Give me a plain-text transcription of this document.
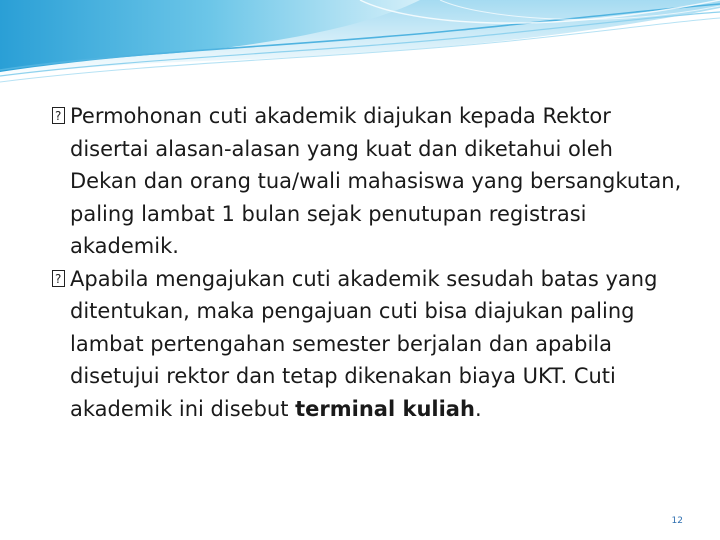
?
Permohonan cuti akademik diajukan kepada Rektor disertai alasan-alasan yang kuat dan diketahui oleh Dekan dan orang tua/wali mahasiswa yang bersangkutan, paling lambat 1 bulan sejak penutupan registrasi akademik.

?
Apabila mengajukan cuti akademik sesudah batas yang ditentukan, maka pengajuan cuti bisa diajukan paling lambat pertengahan semester berjalan dan apabila disetujui rektor dan tetap dikenakan biaya UKT. Cuti akademik ini disebut terminal kuliah.

12
